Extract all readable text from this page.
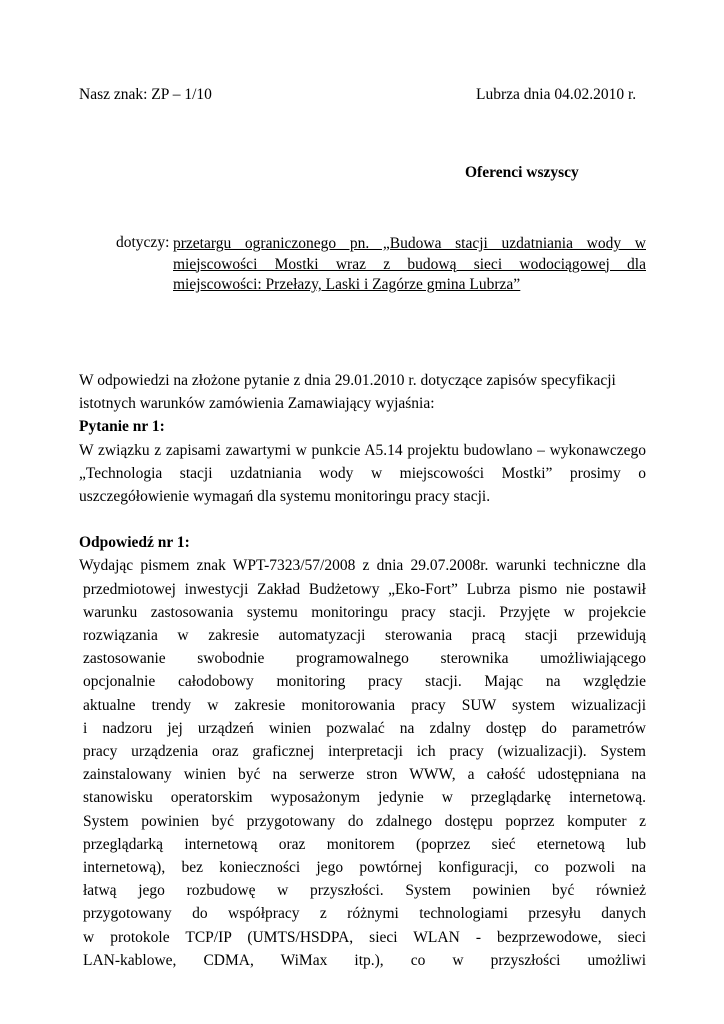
Nasz znak: ZP – 1/10	Lubrza dnia 04.02.2010 r.
Oferenci wszyscy
dotyczy: przetargu ograniczonego pn. „Budowa stacji uzdatniania wody w
miejscowości Mostki wraz z budową sieci wodociągowej dla
miejscowości: Przełazy, Laski i Zagórze gmina Lubrza”
W odpowiedzi na złożone pytanie z dnia 29.01.2010 r. dotyczące zapisów specyfikacji
istotnych warunków zamówienia Zamawiający wyjaśnia:
Pytanie nr 1:
W związku z zapisami zawartymi w punkcie A5.14 projektu budowlano – wykonawczego
„Technologia stacji uzdatniania wody w miejscowości Mostki” prosimy o
uszczegółowienie wymagań dla systemu monitoringu pracy stacji.
Odpowiedź nr 1:
Wydając pismem znak WPT-7323/57/2008 z dnia 29.07.2008r. warunki techniczne dla
przedmiotowej inwestycji Zakład Budżetowy „Eko-Fort” Lubrza pismo nie postawił
warunku zastosowania systemu monitoringu pracy stacji. Przyjęte w projekcie
rozwiązania w zakresie automatyzacji sterowania pracą stacji przewidują
zastosowanie swobodnie programowalnego sterownika umożliwiającego
opcjonalnie całodobowy monitoring pracy stacji. Mając na względzie
aktualne trendy w zakresie monitorowania pracy SUW system wizualizacji
i nadzoru jej urządzeń winien pozwalać na zdalny dostęp do parametrów
pracy urządzenia oraz graficznej interpretacji ich pracy (wizualizacji). System
zainstalowany winien być na serwerze stron WWW, a całość udostępniana na
stanowisku operatorskim wyposażonym jedynie w przeglądarkę internetową.
System powinien być przygotowany do zdalnego dostępu poprzez komputer z
przeglądarką internetową oraz monitorem (poprzez sieć eternetową lub
internetową), bez konieczności jego powtórnej konfiguracji, co pozwoli na
łatwą jego rozbudowę w przyszłości. System powinien być również
przygotowany do współpracy z różnymi technologiami przesyłu danych
w protokole TCP/IP (UMTS/HSDPA, sieci WLAN - bezprzewodowe, sieci
LAN-kablowe, CDMA, WiMax itp.), co w przyszłości umożliwi
